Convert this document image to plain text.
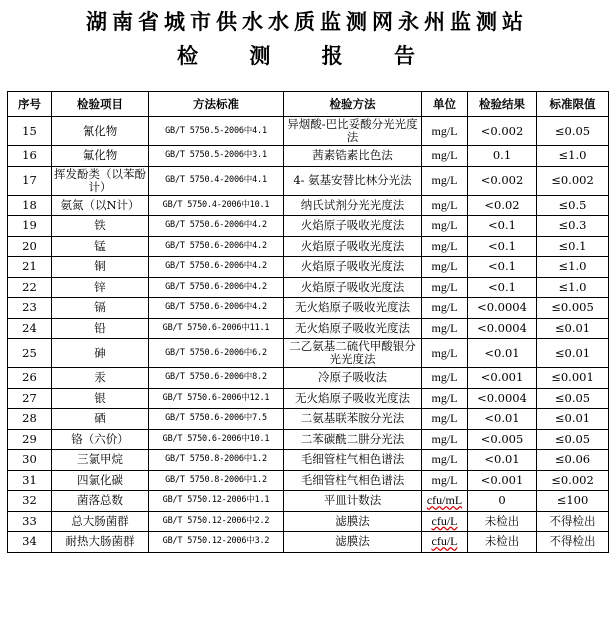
湖南省城市供水水质监测网永州监测站
检 测 报 告
序号	检验项目	方法标准	检验方法	单位	检验结果	标准限值
15	氰化物	GB/T 5750.5-2006中4.1	异烟酸-巴比妥酸分光光度法	mg/L	<0.002	≤0.05
16	氟化物	GB/T 5750.5-2006中3.1	茜素锆素比色法	mg/L	0.1	≤1.0
17	挥发酚类（以苯酚计）	GB/T 5750.4-2006中4.1	4- 氨基安替比林分光法	mg/L	<0.002	≤0.002
18	氨氮（以N计）	GB/T 5750.4-2006中10.1	纳氏试剂分光光度法	mg/L	<0.02	≤0.5
19	铁	GB/T 5750.6-2006中4.2	火焰原子吸收光度法	mg/L	<0.1	≤0.3
20	锰	GB/T 5750.6-2006中4.2	火焰原子吸收光度法	mg/L	<0.1	≤0.1
21	铜	GB/T 5750.6-2006中4.2	火焰原子吸收光度法	mg/L	<0.1	≤1.0
22	锌	GB/T 5750.6-2006中4.2	火焰原子吸收光度法	mg/L	<0.1	≤1.0
23	镉	GB/T 5750.6-2006中4.2	无火焰原子吸收光度法	mg/L	<0.0004	≤0.005
24	铅	GB/T 5750.6-2006中11.1	无火焰原子吸收光度法	mg/L	<0.0004	≤0.01
25	砷	GB/T 5750.6-2006中6.2	二乙氨基二硫代甲酸银分光光度法	mg/L	<0.01	≤0.01
26	汞	GB/T 5750.6-2006中8.2	冷原子吸收法	mg/L	<0.001	≤0.001
27	银	GB/T 5750.6-2006中12.1	无火焰原子吸收光度法	mg/L	<0.0004	≤0.05
28	硒	GB/T 5750.6-2006中7.5	二氨基联苯胺分光法	mg/L	<0.01	≤0.01
29	铬（六价）	GB/T 5750.6-2006中10.1	二苯碳酰二肼分光法	mg/L	<0.005	≤0.05
30	三氯甲烷	GB/T 5750.8-2006中1.2	毛细管柱气相色谱法	mg/L	<0.01	≤0.06
31	四氯化碳	GB/T 5750.8-2006中1.2	毛细管柱气相色谱法	mg/L	<0.001	≤0.002
32	菌落总数	GB/T 5750.12-2006中1.1	平皿计数法	cfu/mL	0	≤100
33	总大肠菌群	GB/T 5750.12-2006中2.2	滤膜法	cfu/L	未检出	不得检出
34	耐热大肠菌群	GB/T 5750.12-2006中3.2	滤膜法	cfu/L	未检出	不得检出
